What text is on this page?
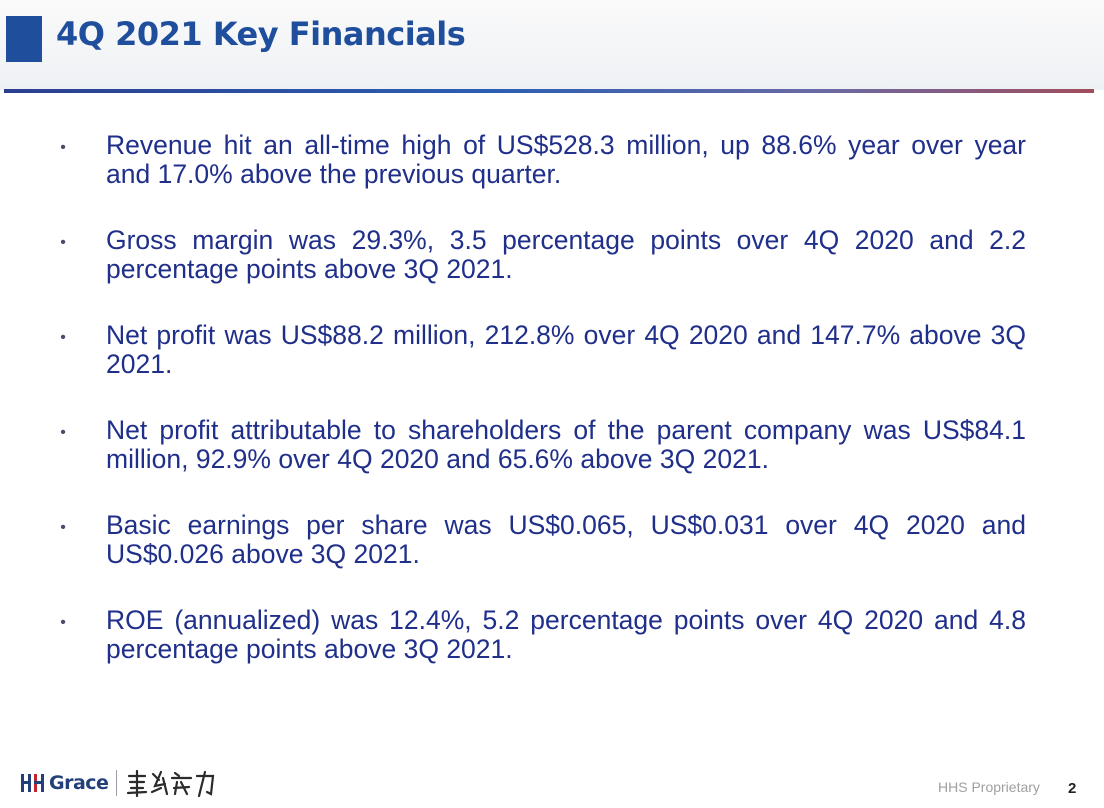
4Q 2021 Key Financials
• Revenue hit an all-time high of US$528.3 million, up 88.6% year over year and 17.0% above the previous quarter.
• Gross margin was 29.3%, 3.5 percentage points over 4Q 2020 and 2.2 percentage points above 3Q 2021.
• Net profit was US$88.2 million, 212.8% over 4Q 2020 and 147.7% above 3Q 2021.
• Net profit attributable to shareholders of the parent company was US$84.1 million, 92.9% over 4Q 2020 and 65.6% above 3Q 2021.
• Basic earnings per share was US$0.065, US$0.031 over 4Q 2020 and US$0.026 above 3Q 2021.
• ROE (annualized) was 12.4%, 5.2 percentage points over 4Q 2020 and 4.8 percentage points above 3Q 2021.
Grace	HHS Proprietary 2
